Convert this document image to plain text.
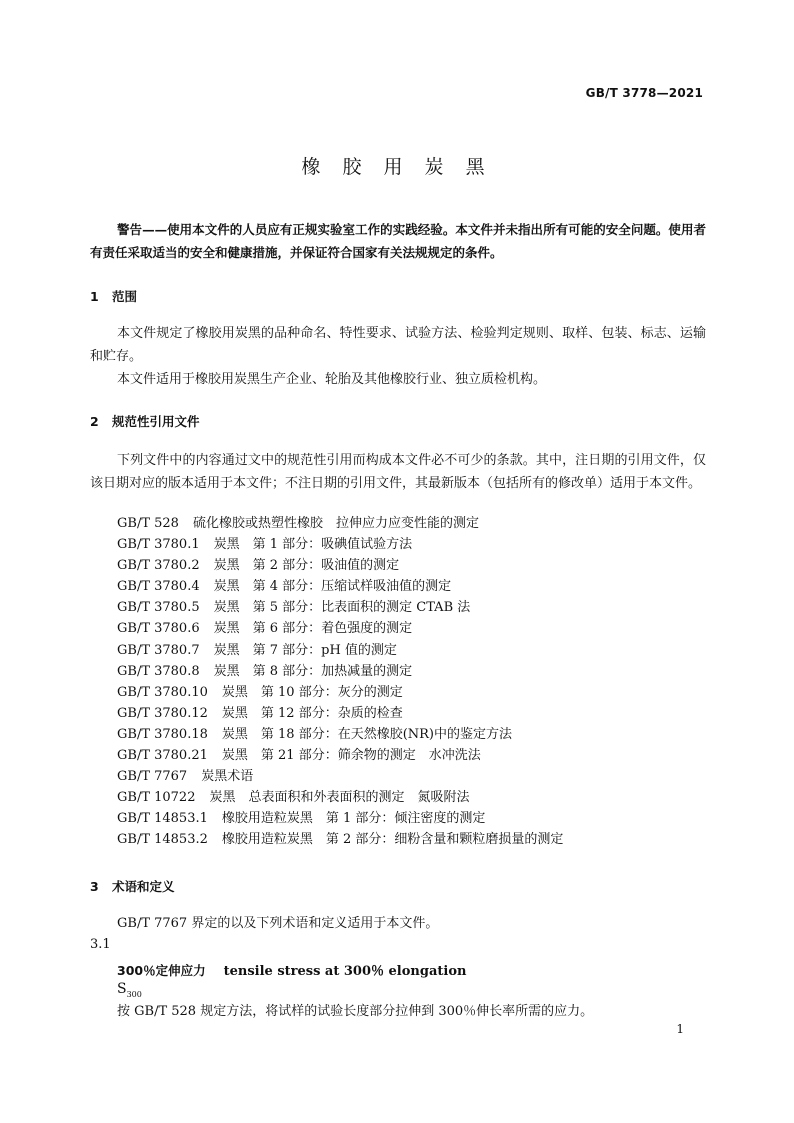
GB/T 3778—2021
橡 胶 用 炭 黑

警告——使用本文件的人员应有正规实验室工作的实践经验。本文件并未指出所有可能的安全问题。使用者有责任采取适当的安全和健康措施，并保证符合国家有关法规规定的条件。

1 范围

本文件规定了橡胶用炭黑的品种命名、特性要求、试验方法、检验判定规则、取样、包装、标志、运输和贮存。

本文件适用于橡胶用炭黑生产企业、轮胎及其他橡胶行业、独立质检机构。

2 规范性引用文件

下列文件中的内容通过文中的规范性引用而构成本文件必不可少的条款。其中，注日期的引用文件，仅该日期对应的版本适用于本文件；不注日期的引用文件，其最新版本（包括所有的修改单）适用于本文件。

GB/T 528 硫化橡胶或热塑性橡胶　拉伸应力应变性能的测定
GB/T 3780.1 炭黑　第 1 部分：吸碘值试验方法
GB/T 3780.2 炭黑　第 2 部分：吸油值的测定
GB/T 3780.4 炭黑　第 4 部分：压缩试样吸油值的测定
GB/T 3780.5 炭黑　第 5 部分：比表面积的测定 CTAB 法
GB/T 3780.6 炭黑　第 6 部分：着色强度的测定
GB/T 3780.7 炭黑　第 7 部分：pH 值的测定
GB/T 3780.8 炭黑　第 8 部分：加热减量的测定
GB/T 3780.10 炭黑　第 10 部分：灰分的测定
GB/T 3780.12 炭黑　第 12 部分：杂质的检查
GB/T 3780.18 炭黑　第 18 部分：在天然橡胶(NR)中的鉴定方法
GB/T 3780.21 炭黑　第 21 部分：筛余物的测定　水冲洗法
GB/T 7767 炭黑术语
GB/T 10722 炭黑　总表面积和外表面积的测定　氮吸附法
GB/T 14853.1 橡胶用造粒炭黑　第 1 部分：倾注密度的测定
GB/T 14853.2 橡胶用造粒炭黑　第 2 部分：细粉含量和颗粒磨损量的测定

3 术语和定义

GB/T 7767 界定的以及下列术语和定义适用于本文件。

3.1

300％定伸应力 tensile stress at 300％ elongation

$S_{300}$

按 GB/T 528 规定方法，将试样的试验长度部分拉伸到 300％伸长率所需的应力。

1
